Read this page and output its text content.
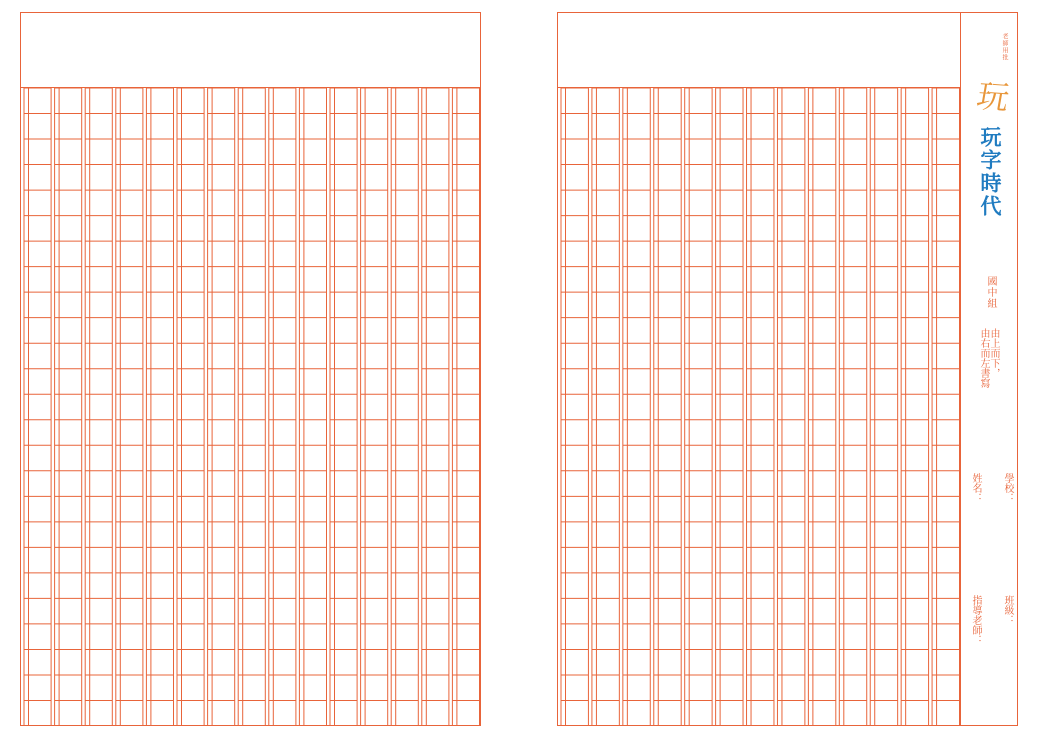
老師用批
玩
玩字時代
國中組
由上而下，
由右而左書寫
學校：
姓名：
班級：
指導老師：
